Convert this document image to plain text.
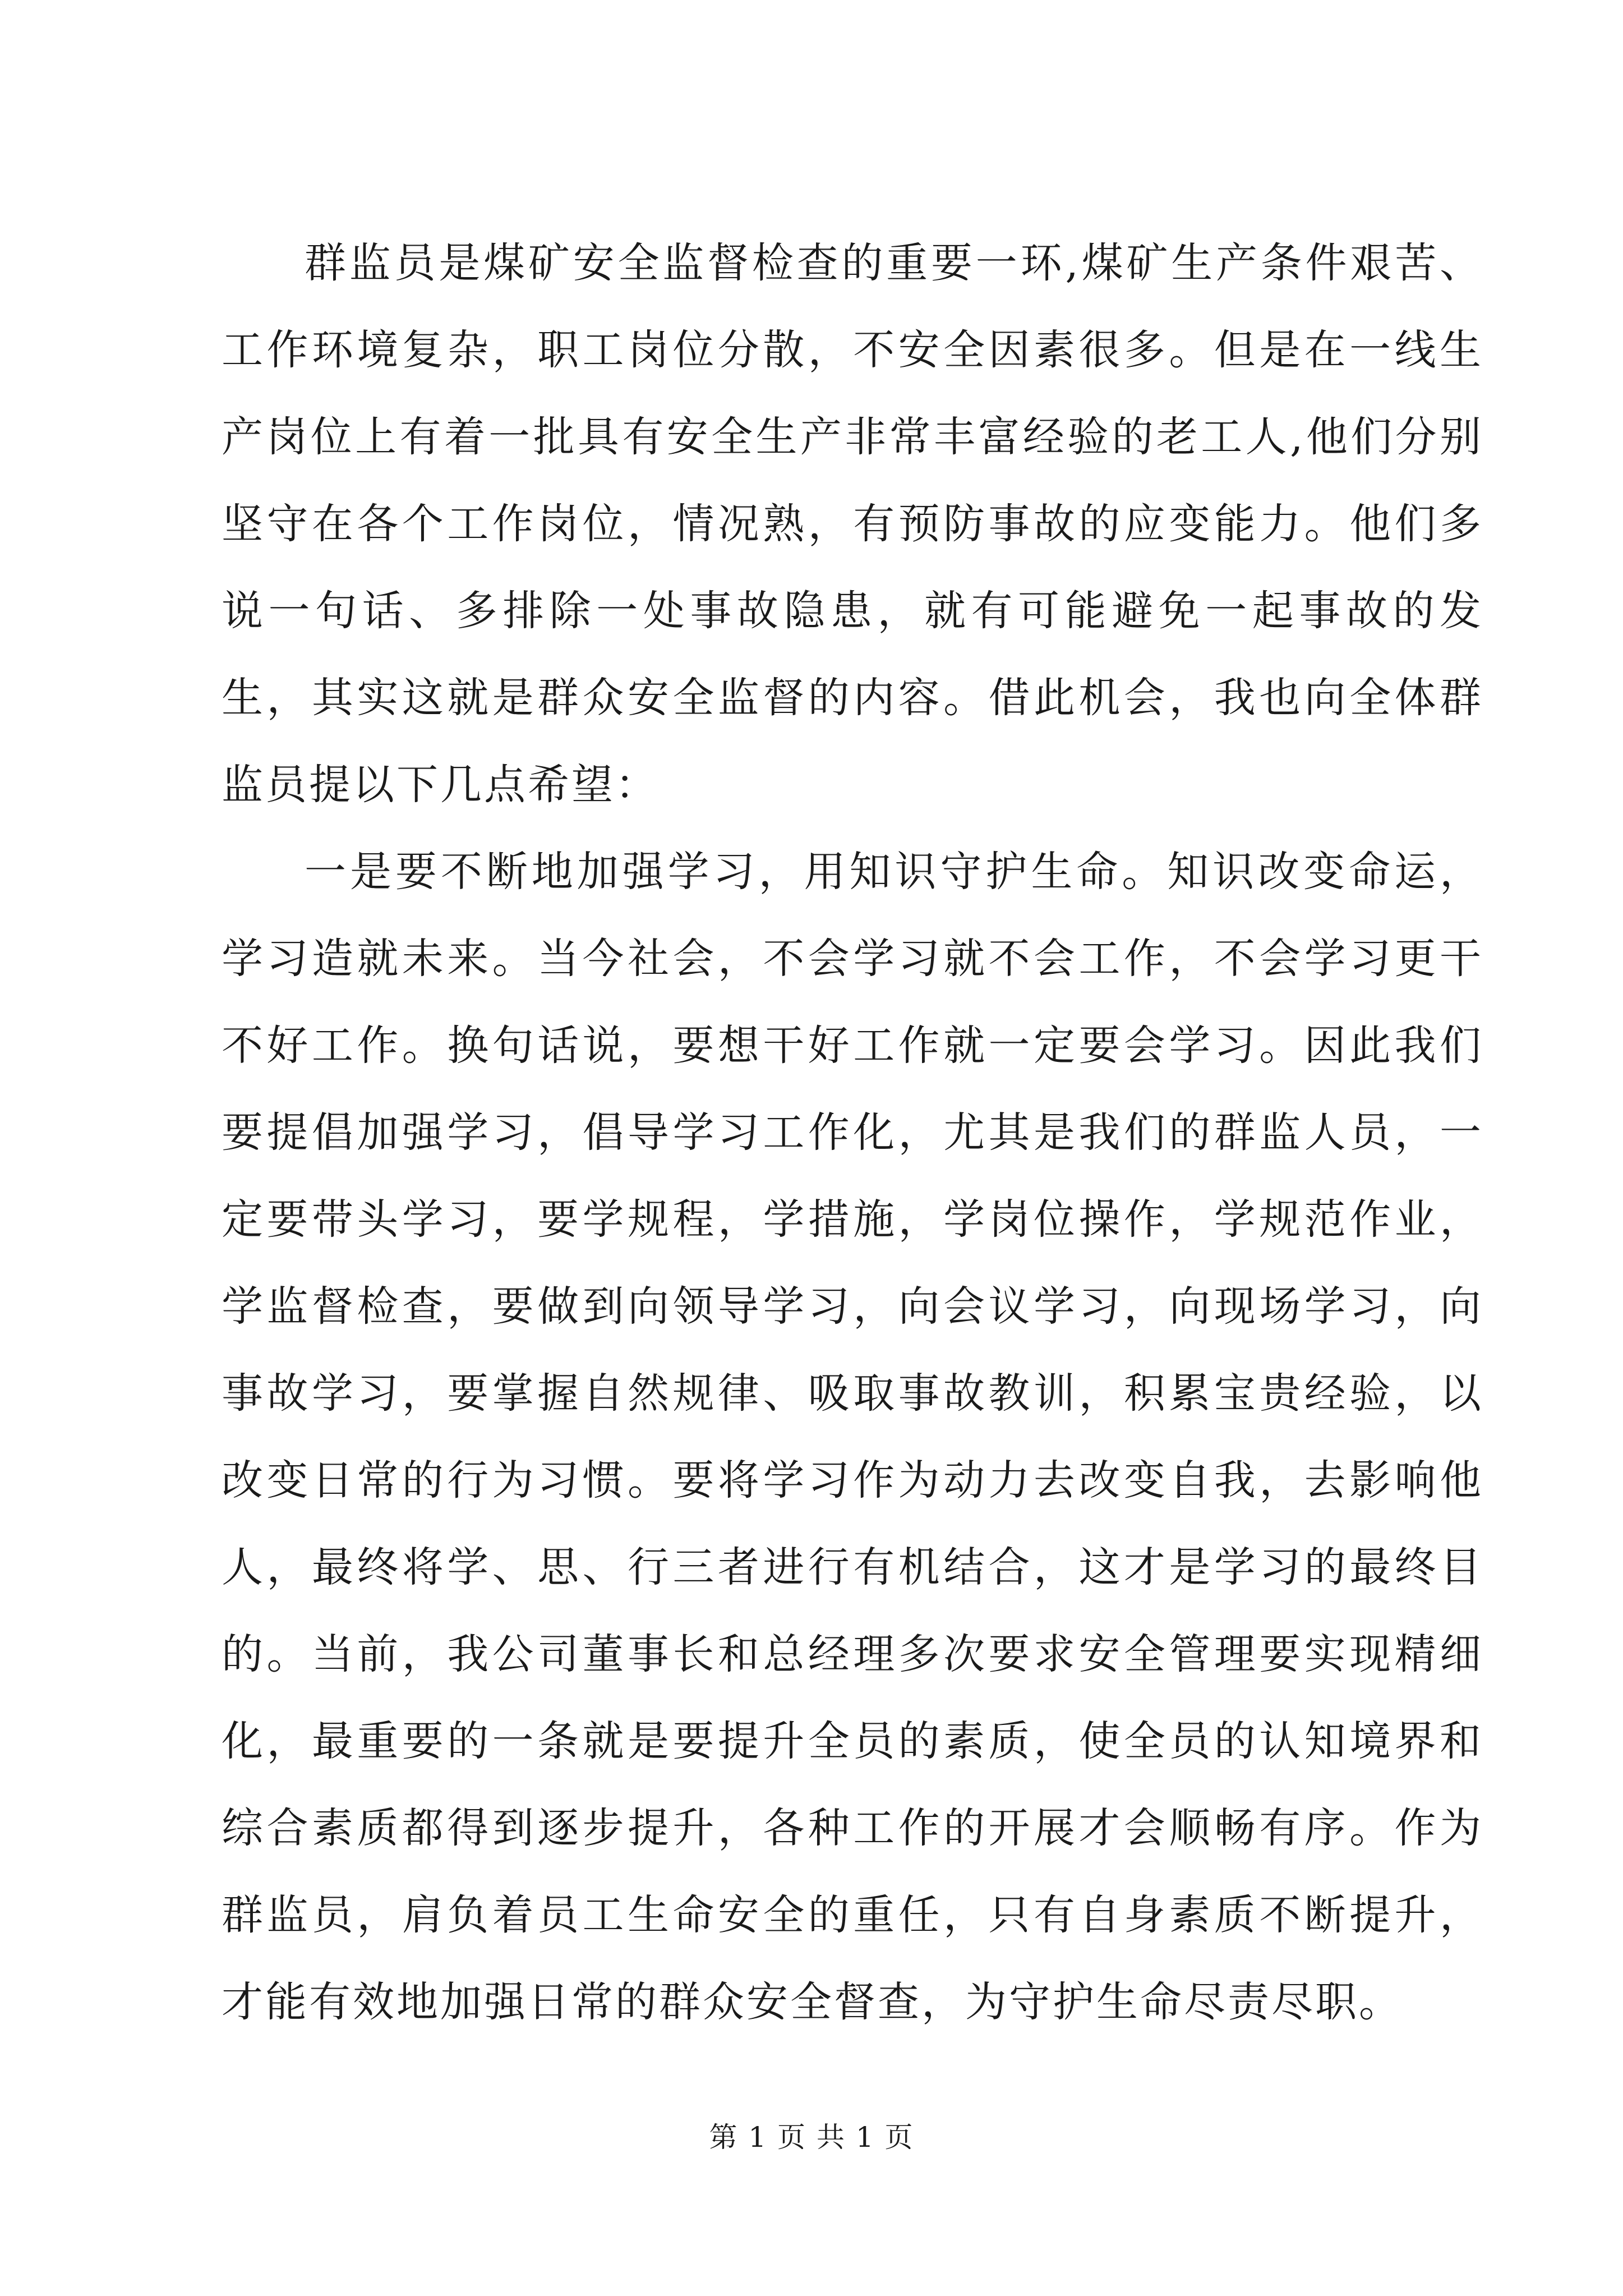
群监员是煤矿安全监督检查的重要一环,煤矿生产条件艰苦、工作环境复杂，职工岗位分散，不安全因素很多。但是在一线生产岗位上有着一批具有安全生产非常丰富经验的老工人,他们分别坚守在各个工作岗位，情况熟，有预防事故的应变能力。他们多说一句话、多排除一处事故隐患，就有可能避免一起事故的发生，其实这就是群众安全监督的内容。借此机会，我也向全体群监员提以下几点希望：

一是要不断地加强学习，用知识守护生命。知识改变命运，学习造就未来。当今社会，不会学习就不会工作，不会学习更干不好工作。换句话说，要想干好工作就一定要会学习。因此我们要提倡加强学习，倡导学习工作化，尤其是我们的群监人员，一定要带头学习，要学规程，学措施，学岗位操作，学规范作业，学监督检查，要做到向领导学习，向会议学习，向现场学习，向事故学习，要掌握自然规律、吸取事故教训，积累宝贵经验，以改变日常的行为习惯。要将学习作为动力去改变自我，去影响他人，最终将学、思、行三者进行有机结合，这才是学习的最终目的。当前，我公司董事长和总经理多次要求安全管理要实现精细化，最重要的一条就是要提升全员的素质，使全员的认知境界和综合素质都得到逐步提升，各种工作的开展才会顺畅有序。作为群监员，肩负着员工生命安全的重任，只有自身素质不断提升，才能有效地加强日常的群众安全督查，为守护生命尽责尽职。

第 1 页 共 1 页
